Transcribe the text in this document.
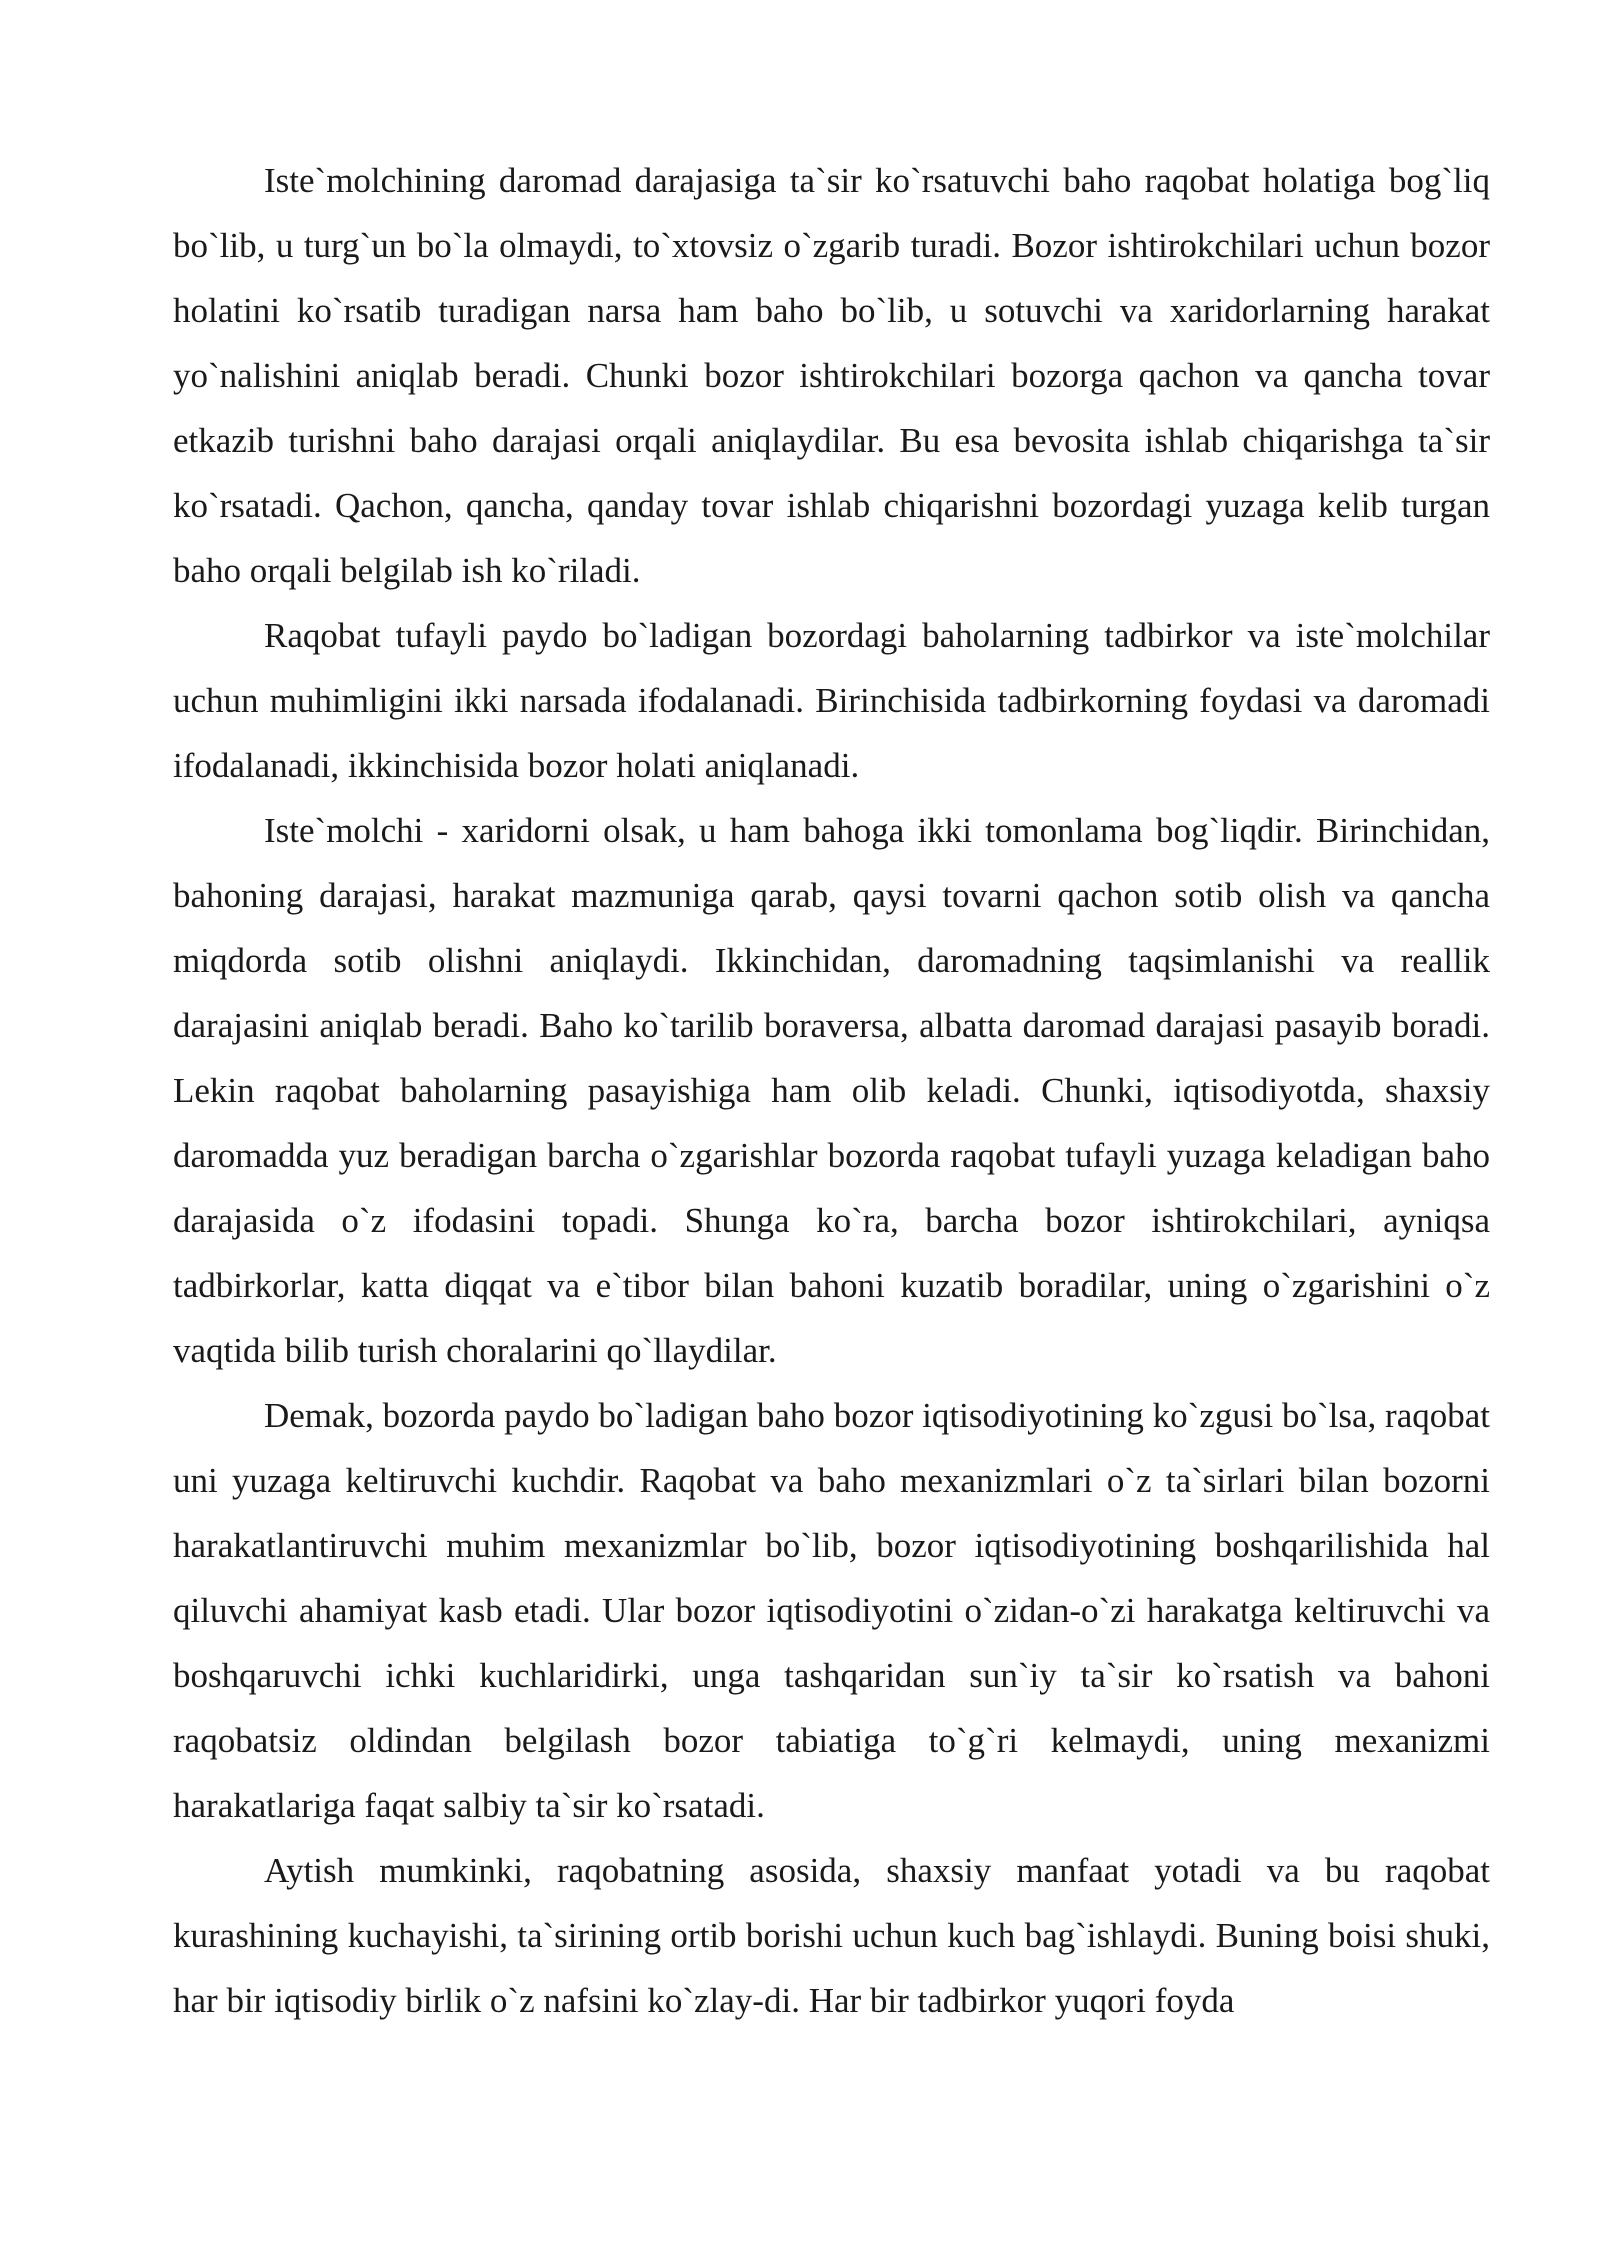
Iste`molchining daromad darajasiga ta`sir ko`rsatuvchi baho raqobat holatiga bog`liq bo`lib, u turg`un bo`la olmaydi, to`xtovsiz o`zgarib turadi. Bozor ishtirokchilari uchun bozor holatini ko`rsatib turadigan narsa ham baho bo`lib, u sotuvchi va xaridorlarning harakat yo`nalishini aniqlab beradi. Chunki bozor ishtirokchilari bozorga qachon va qancha tovar etkazib turishni baho darajasi orqali aniqlaydilar. Bu esa bevosita ishlab chiqarishga ta`sir ko`rsatadi. Qachon, qancha, qanday tovar ishlab chiqarishni bozordagi yuzaga kelib turgan baho orqali belgilab ish ko`riladi.

Raqobat tufayli paydo bo`ladigan bozordagi baholarning tadbirkor va iste`molchilar uchun muhimligini ikki narsada ifodalanadi. Birinchisida tadbirkorning foydasi va daromadi ifodalanadi, ikkinchisida bozor holati aniqlanadi.

Iste`molchi - xaridorni olsak, u ham bahoga ikki tomonlama bog`liqdir. Birinchidan, bahoning darajasi, harakat mazmuniga qarab, qaysi tovarni qachon sotib olish va qancha miqdorda sotib olishni aniqlaydi. Ikkinchidan, daromadning taqsimlanishi va reallik darajasini aniqlab beradi. Baho ko`tarilib boraversa, albatta daromad darajasi pasayib boradi. Lekin raqobat baholarning pasayishiga ham olib keladi. Chunki, iqtisodiyotda, shaxsiy daromadda yuz beradigan barcha o`zgarishlar bozorda raqobat tufayli yuzaga keladigan baho darajasida o`z ifodasini topadi. Shunga ko`ra, barcha bozor ishtirokchilari, ayniqsa tadbirkorlar, katta diqqat va e`tibor bilan bahoni kuzatib boradilar, uning o`zgarishini o`z vaqtida bilib turish choralarini qo`llaydilar.

Demak, bozorda paydo bo`ladigan baho bozor iqtisodiyotining ko`zgusi bo`lsa, raqobat uni yuzaga keltiruvchi kuchdir. Raqobat va baho mexanizmlari o`z ta`sirlari bilan bozorni harakatlantiruvchi muhim mexanizmlar bo`lib, bozor iqtisodiyotining boshqarilishida hal qiluvchi ahamiyat kasb etadi. Ular bozor iqtisodiyotini o`zidan-o`zi harakatga keltiruvchi va boshqaruvchi ichki kuchlaridirki, unga tashqaridan sun`iy ta`sir ko`rsatish va bahoni raqobatsiz oldindan belgilash bozor tabiatiga to`g`ri kelmaydi, uning mexanizmi harakatlariga faqat salbiy ta`sir ko`rsatadi.

Aytish mumkinki, raqobatning asosida, shaxsiy manfaat yotadi va bu raqobat kurashining kuchayishi, ta`sirining ortib borishi uchun kuch bag`ishlaydi. Buning boisi shuki, har bir iqtisodiy birlik o`z nafsini ko`zlay-di. Har bir tadbirkor yuqori foyda
